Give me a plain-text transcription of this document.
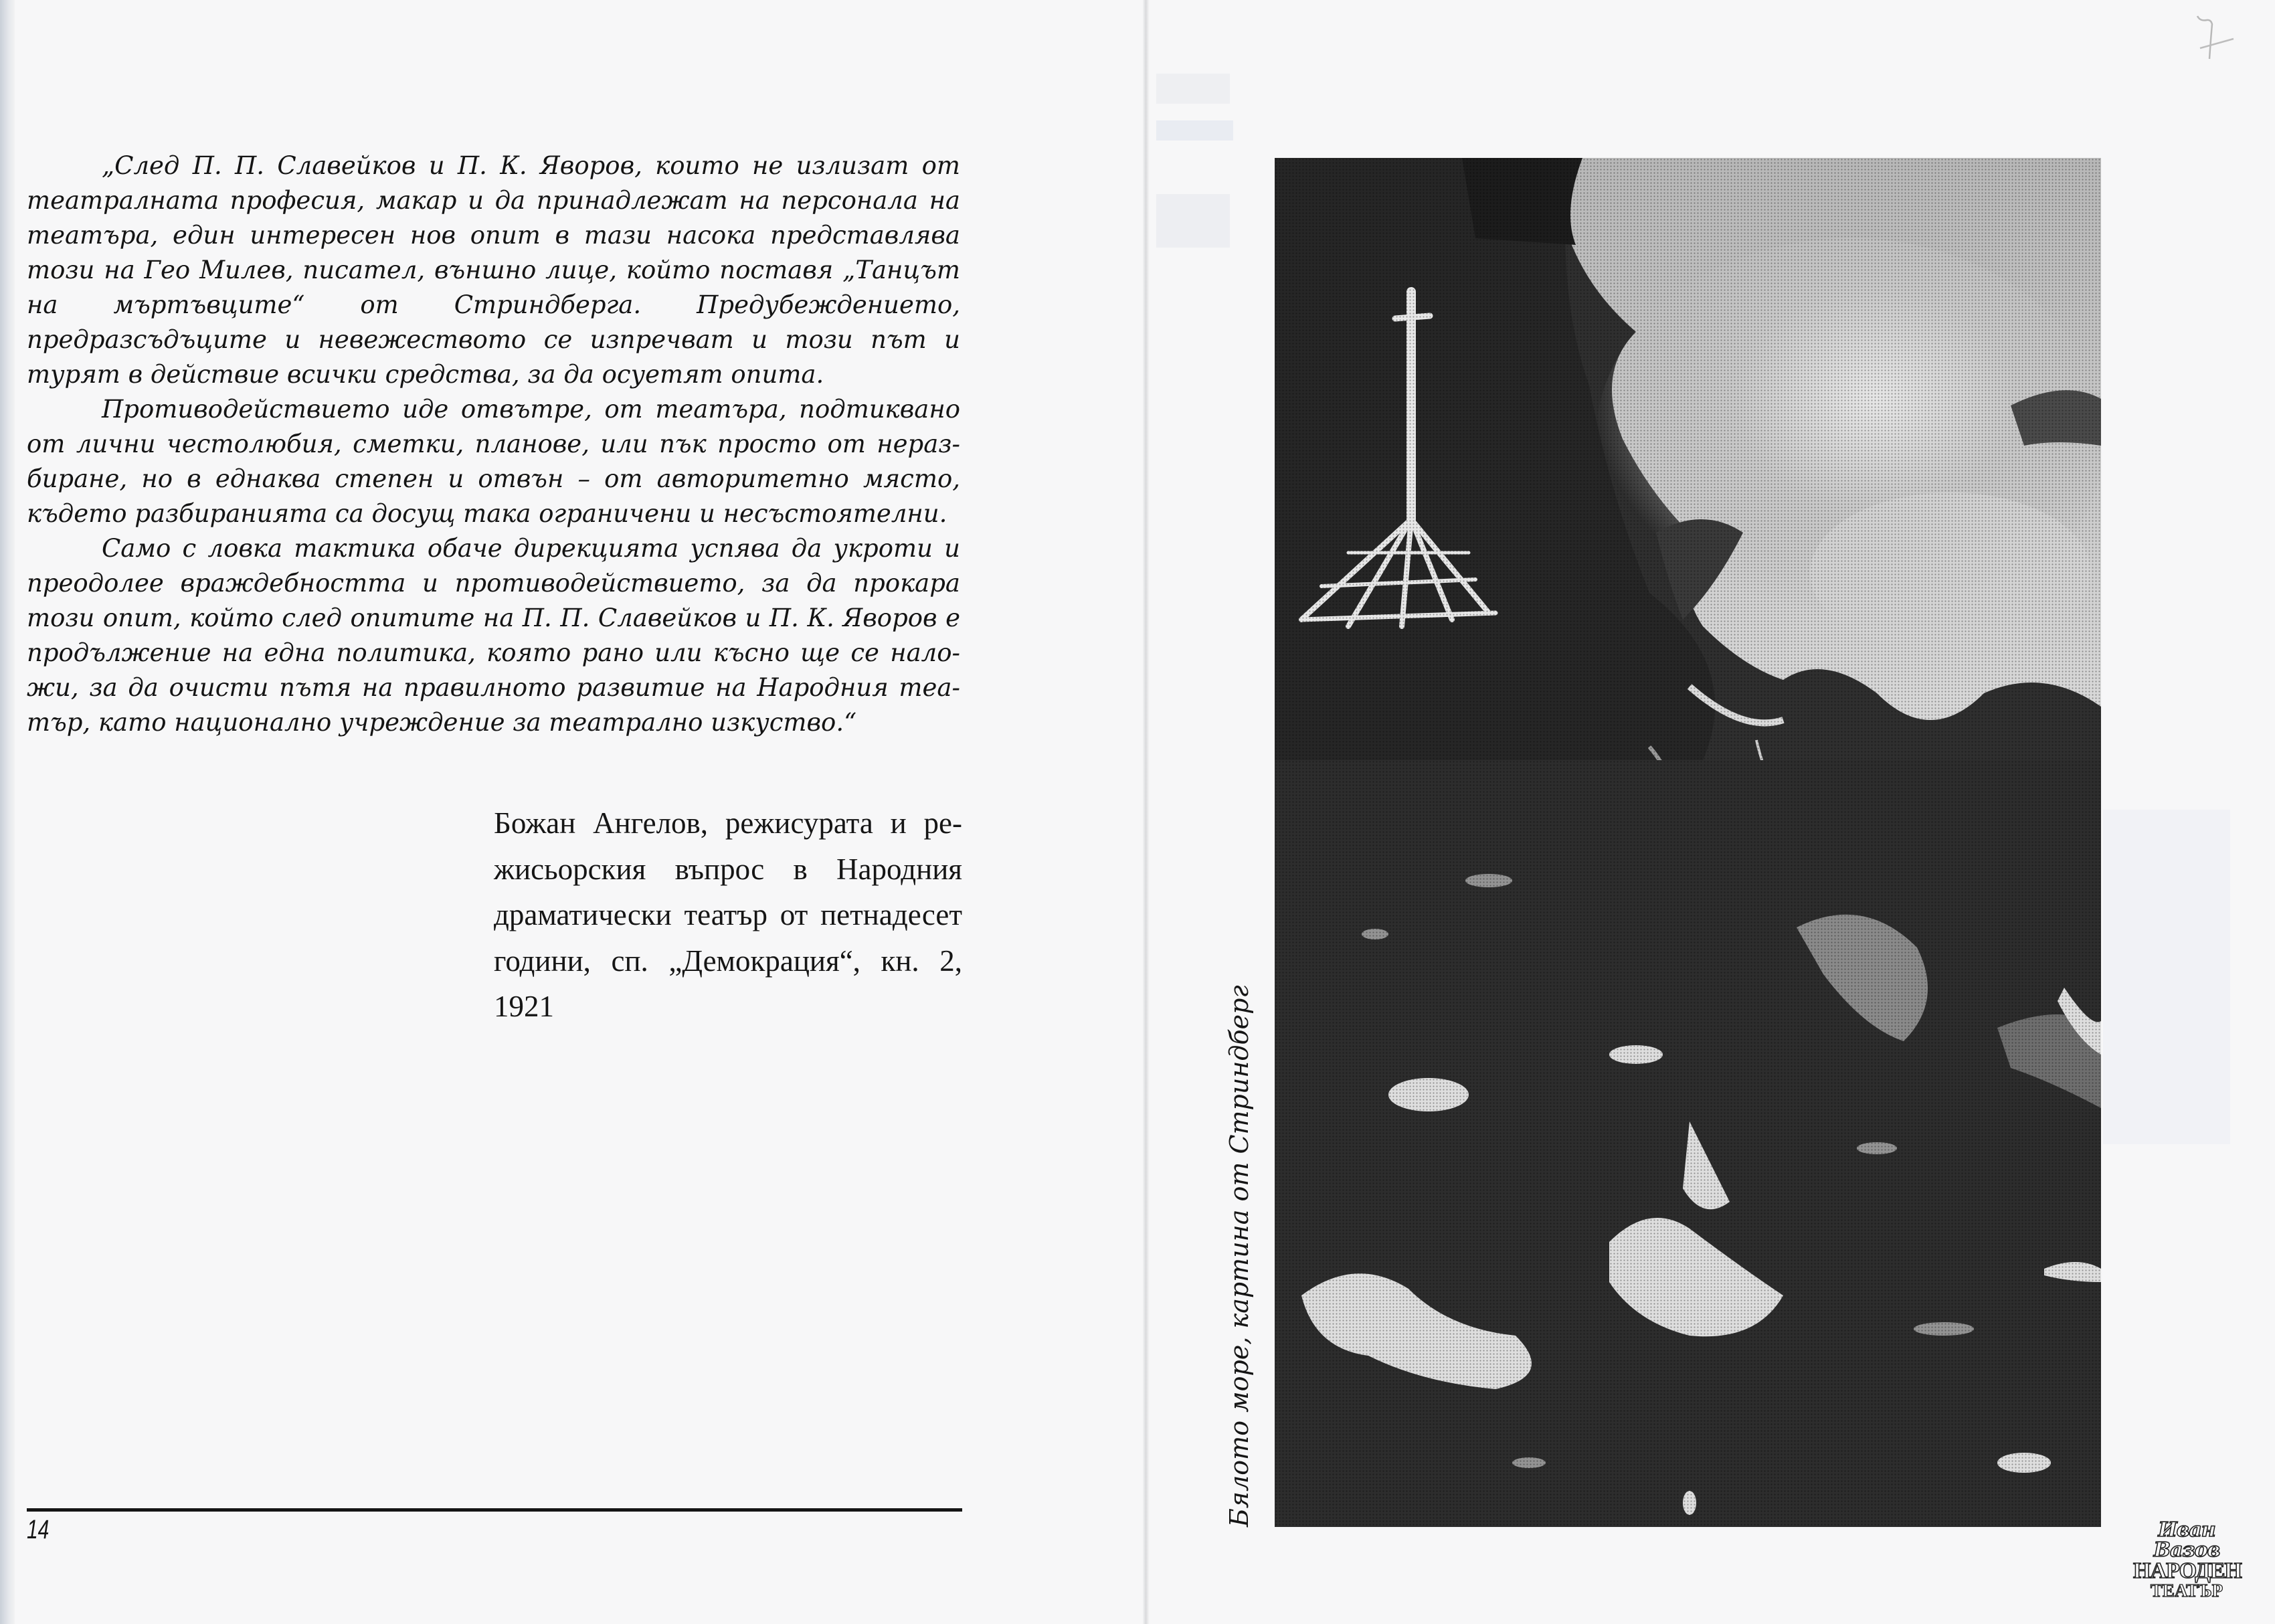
„След П. П. Славейков и П. К. Яворов, които не излизат от театралната професия, макар и да принадлежат на персонала на театъра, един интересен нов опит в тази насока представлява този на Гео Милев, писател, външно лице, който поставя „Танцът на мъртъвците“ от Стриндберга. Предубеждението, предразсъдъците и невежеството се изпречват и този път и турят в действие всички средства, за да осуетят опита.

Противодействието иде отвътре, от театъра, подтиквано от лични честолюбия, сметки, планове, или пък просто от неразбиране, но в еднаква степен и отвън – от авторитетно място, където разбиранията са досущ така ограничени и несъстоятелни.

Само с ловка тактика обаче дирекцията успява да укроти и преодолее враждебността и противодействието, за да прокара този опит, който след опитите на П. П. Славейков и П. К. Яворов е продължение на една политика, която рано или късно ще се наложи, за да очисти пътя на правилното развитие на Народния театър, като национално учреждение за театрално изкуство.“

Божан Ангелов, режисурата и режисьорския въпрос в Народния драматически театър от петнадесет години, сп. „Демокрация“, кн. 2, 1921
14
Бялото море, картина от Стриндберг
Иван Вазов
НАРОДЕН
ТЕАТЪР
